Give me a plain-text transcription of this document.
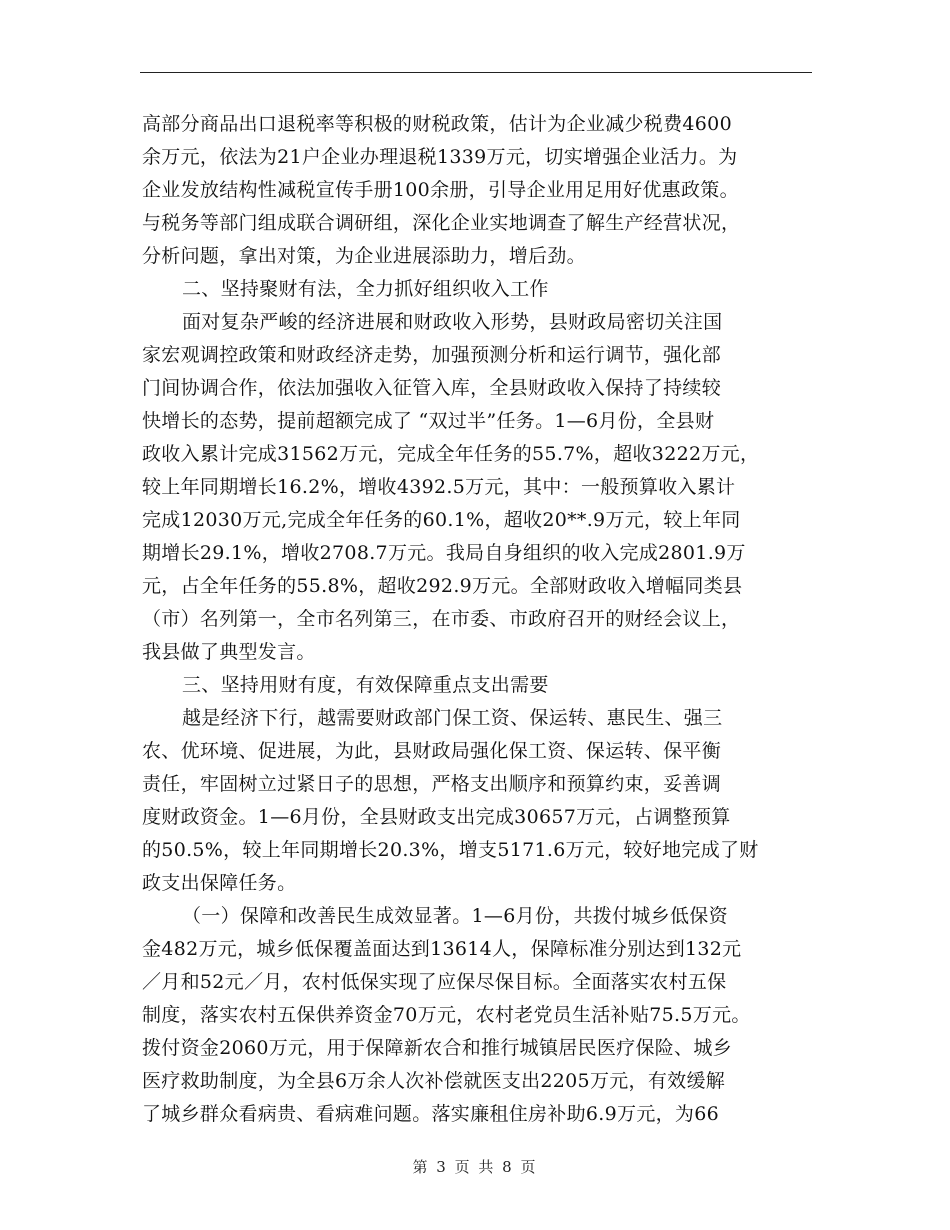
高部分商品出口退税率等积极的财税政策，估计为企业减少税费4600
余万元，依法为21户企业办理退税1339万元，切实增强企业活力。为
企业发放结构性减税宣传手册100余册，引导企业用足用好优惠政策。
与税务等部门组成联合调研组，深化企业实地调查了解生产经营状况，
分析问题，拿出对策，为企业进展添助力，增后劲。
二、坚持聚财有法，全力抓好组织收入工作
面对复杂严峻的经济进展和财政收入形势，县财政局密切关注国
家宏观调控政策和财政经济走势，加强预测分析和运行调节，强化部
门间协调合作，依法加强收入征管入库，全县财政收入保持了持续较
快增长的态势，提前超额完成了 “双过半”任务。1—6月份，全县财
政收入累计完成31562万元，完成全年任务的55.7%，超收3222万元，
较上年同期增长16.2%，增收4392.5万元，其中：一般预算收入累计
完成12030万元,完成全年任务的60.1%，超收20**.9万元，较上年同
期增长29.1%，增收2708.7万元。我局自身组织的收入完成2801.9万
元，占全年任务的55.8%，超收292.9万元。全部财政收入增幅同类县
（市）名列第一，全市名列第三，在市委、市政府召开的财经会议上，
我县做了典型发言。
三、坚持用财有度，有效保障重点支出需要
越是经济下行，越需要财政部门保工资、保运转、惠民生、强三
农、优环境、促进展，为此，县财政局强化保工资、保运转、保平衡
责任，牢固树立过紧日子的思想，严格支出顺序和预算约束，妥善调
度财政资金。1—6月份，全县财政支出完成30657万元，占调整预算
的50.5%，较上年同期增长20.3%，增支5171.6万元，较好地完成了财
政支出保障任务。
（一）保障和改善民生成效显著。1—6月份，共拨付城乡低保资
金482万元，城乡低保覆盖面达到13614人，保障标准分别达到132元
／月和52元／月，农村低保实现了应保尽保目标。全面落实农村五保
制度，落实农村五保供养资金70万元，农村老党员生活补贴75.5万元。
拨付资金2060万元，用于保障新农合和推行城镇居民医疗保险、城乡
医疗救助制度，为全县6万余人次补偿就医支出2205万元，有效缓解
了城乡群众看病贵、看病难问题。落实廉租住房补助6.9万元，为66
第 3 页 共 8 页
